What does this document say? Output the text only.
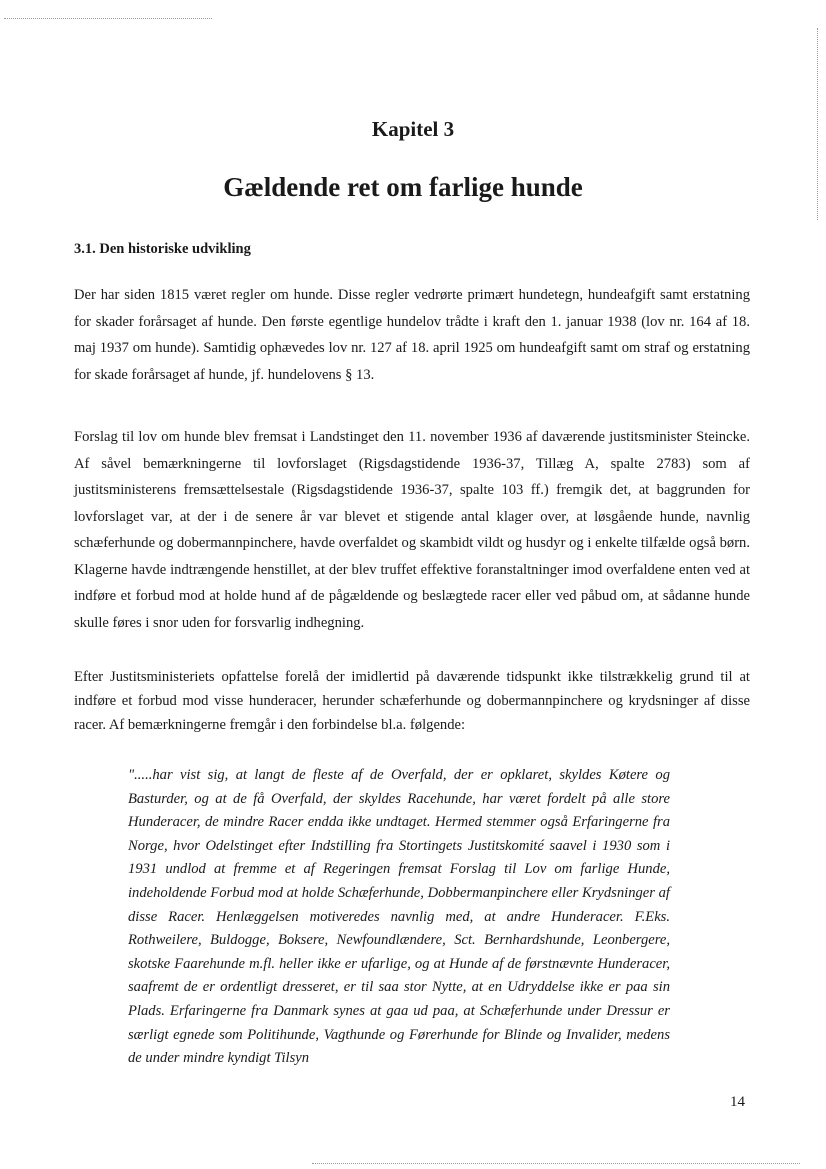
Kapitel 3
Gældende ret om farlige hunde
3.1. Den historiske udvikling

Der har siden 1815 været regler om hunde. Disse regler vedrørte primært hundetegn, hundeafgift samt erstatning for skader forårsaget af hunde. Den første egentlige hundelov trådte i kraft den 1. januar 1938 (lov nr. 164 af 18. maj 1937 om hunde). Samtidig ophævedes lov nr. 127 af 18. april 1925 om hundeafgift samt om straf og erstatning for skade forårsaget af hunde, jf. hundelovens § 13.

Forslag til lov om hunde blev fremsat i Landstinget den 11. november 1936 af daværende justitsminister Steincke. Af såvel bemærkningerne til lovforslaget (Rigsdagstidende 1936-37, Tillæg A, spalte 2783) som af justitsministerens fremsættelsestale (Rigsdagstidende 1936-37, spalte 103 ff.) fremgik det, at baggrunden for lovforslaget var, at der i de senere år var blevet et stigende antal klager over, at løsgående hunde, navnlig schæferhunde og dobermannpinchere, havde overfaldet og skambidt vildt og husdyr og i enkelte tilfælde også børn. Klagerne havde indtrængende henstillet, at der blev truffet effektive foranstaltninger imod overfaldene enten ved at indføre et forbud mod at holde hund af de pågældende og beslægtede racer eller ved påbud om, at sådanne hunde skulle føres i snor uden for forsvarlig indhegning.

Efter Justitsministeriets opfattelse forelå der imidlertid på daværende tidspunkt ikke tilstrækkelig grund til at indføre et forbud mod visse hunderacer, herunder schæferhunde og dobermannpinchere og krydsninger af disse racer. Af bemærkningerne fremgår i den forbindelse bl.a. følgende:

".....har vist sig, at langt de fleste af de Overfald, der er opklaret, skyldes Køtere og Basturder, og at de få Overfald, der skyldes Racehunde, har været fordelt på alle store Hunderacer, de mindre Racer endda ikke undtaget. Hermed stemmer også Erfaringerne fra Norge, hvor Odelstinget efter Indstilling fra Stortingets Justitskomité saavel i 1930 som i 1931 undlod at fremme et af Regeringen fremsat Forslag til Lov om farlige Hunde, indeholdende Forbud mod at holde Schæferhunde, Dobbermanpinchere eller Krydsninger af disse Racer. Henlæggelsen motiveredes navnlig med, at andre Hunderacer. F.Eks. Rothweilere, Buldogge, Boksere, Newfoundlændere, Sct. Bernhardshunde, Leonbergere, skotske Faarehunde m.fl. heller ikke er ufarlige, og at Hunde af de førstnævnte Hunderacer, saafremt de er ordentligt dresseret, er til saa stor Nytte, at en Udryddelse ikke er paa sin Plads. Erfaringerne fra Danmark synes at gaa ud paa, at Schæferhunde under Dressur er særligt egnede som Politihunde, Vagthunde og Førerhunde for Blinde og Invalider, medens de under mindre kyndigt Tilsyn

14
